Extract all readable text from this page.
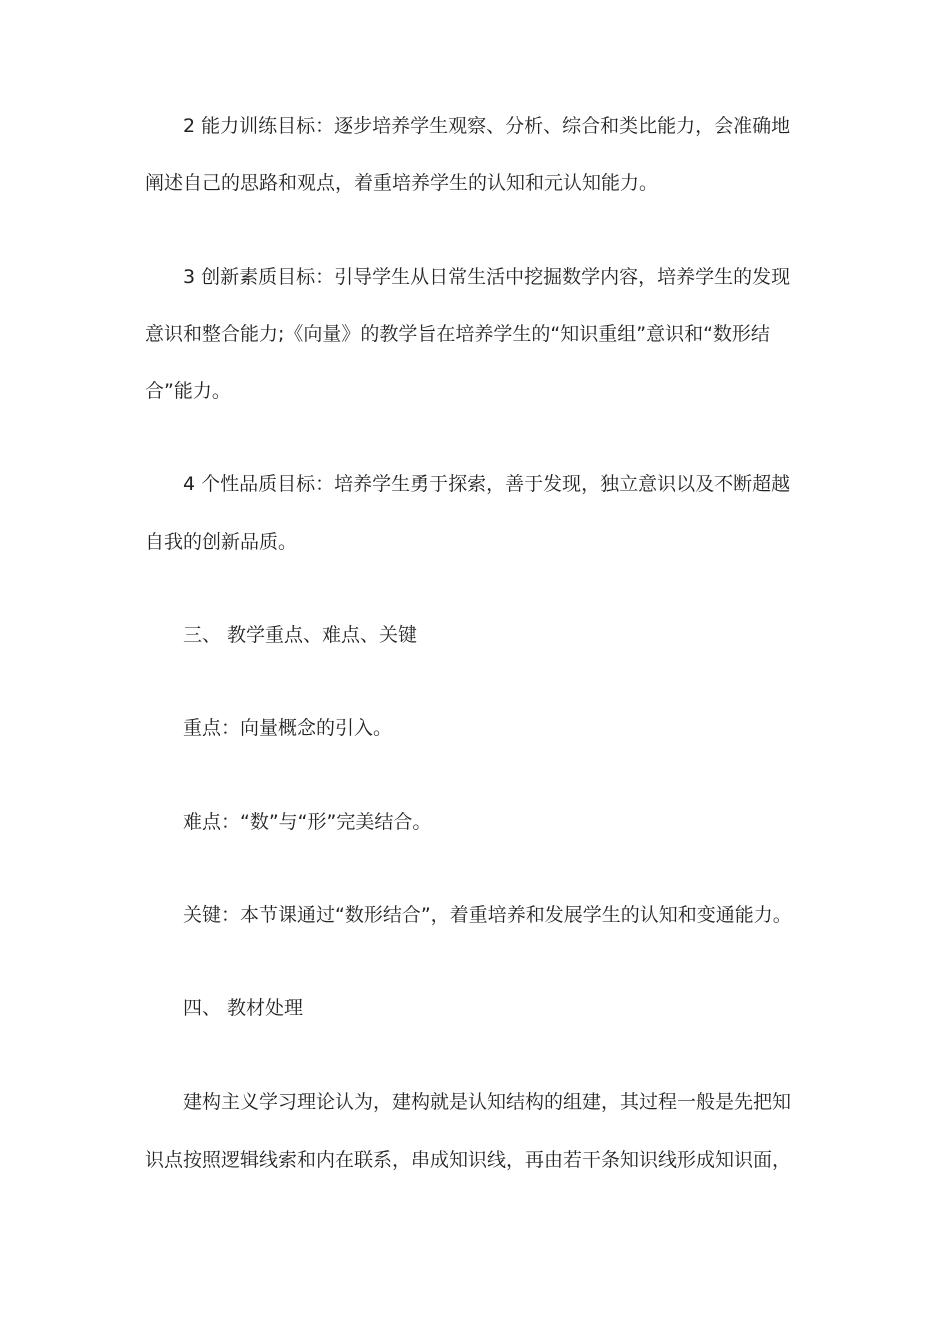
2 能力训练目标：逐步培养学生观察、分析、综合和类比能力，会准确地
阐述自己的思路和观点，着重培养学生的认知和元认知能力。
3 创新素质目标：引导学生从日常生活中挖掘数学内容，培养学生的发现
意识和整合能力;《向量》的教学旨在培养学生的“知识重组”意识和“数形结
合”能力。
4 个性品质目标：培养学生勇于探索，善于发现，独立意识以及不断超越
自我的创新品质。
三、 教学重点、难点、关键
重点：向量概念的引入。
难点：“数”与“形”完美结合。
关键：本节课通过“数形结合”，着重培养和发展学生的认知和变通能力。
四、 教材处理
建构主义学习理论认为，建构就是认知结构的组建，其过程一般是先把知
识点按照逻辑线索和内在联系，串成知识线，再由若干条知识线形成知识面，
